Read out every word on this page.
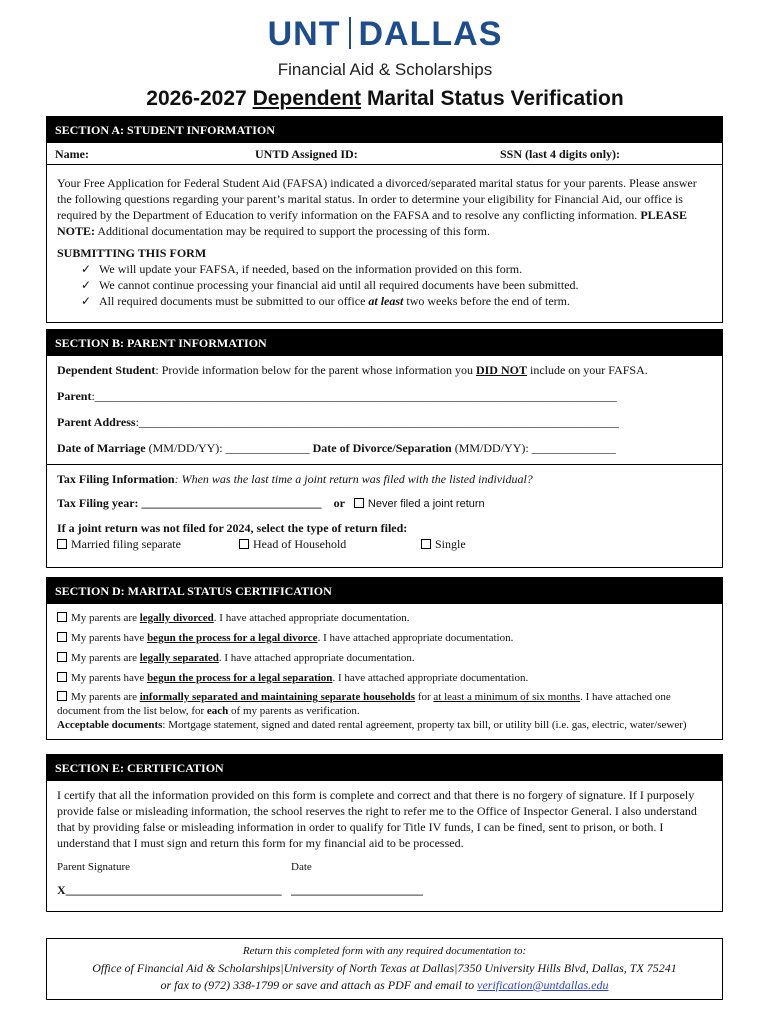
UNT DALLAS
Financial Aid & Scholarships
2026-2027 Dependent Marital Status Verification
SECTION A: STUDENT INFORMATION
Name:	UNTD Assigned ID:	SSN (last 4 digits only):

Your Free Application for Federal Student Aid (FAFSA) indicated a divorced/separated marital status for your parents. Please answer the following questions regarding your parent’s marital status. In order to determine your eligibility for Financial Aid, our office is required by the Department of Education to verify information on the FAFSA and to resolve any conflicting information. PLEASE NOTE: Additional documentation may be required to support the processing of this form.

SUBMITTING THIS FORM

✓ We will update your FAFSA, if needed, based on the information provided on this form.
✓ We cannot continue processing your financial aid until all required documents have been submitted.
✓ All required documents must be submitted to our office at least two weeks before the end of term.
SECTION B: PARENT INFORMATION

Dependent Student: Provide information below for the parent whose information you DID NOT include on your FAFSA.

Parent:_______________________________________________________________________________________

Parent Address:________________________________________________________________________________

Date of Marriage (MM/DD/YY): ______________ Date of Divorce/Separation (MM/DD/YY): ______________

Tax Filing Information: When was the last time a joint return was filed with the listed individual?

Tax Filing year: ______________________________ or Never filed a joint return

If a joint return was not filed for 2024, select the type of return filed:

Married filing separate	Head of Household	Single

SECTION D: MARITAL STATUS CERTIFICATION

My parents are legally divorced. I have attached appropriate documentation.

My parents have begun the process for a legal divorce. I have attached appropriate documentation.

My parents are legally separated. I have attached appropriate documentation.

My parents have begun the process for a legal separation. I have attached appropriate documentation.

My parents are informally separated and maintaining separate households for at least a minimum of six months. I have attached one document from the list below, for each of my parents as verification.

Acceptable documents: Mortgage statement, signed and dated rental agreement, property tax bill, or utility bill (i.e. gas, electric, water/sewer)

SECTION E: CERTIFICATION

I certify that all the information provided on this form is complete and correct and that there is no forgery of signature. If I purposely provide false or misleading information, the school reserves the right to refer me to the Office of Inspector General. I also understand that by providing false or misleading information in order to qualify for Title IV funds, I can be fined, sent to prison, or both. I understand that I must sign and return this form for my financial aid to be processed.

Parent Signature	Date
X____________________________________ ______________________
Return this completed form with any required documentation to:
Office of Financial Aid & Scholarships|University of North Texas at Dallas|7350 University Hills Blvd, Dallas, TX 75241
or fax to (972) 338-1799 or save and attach as PDF and email to verification@untdallas.edu
